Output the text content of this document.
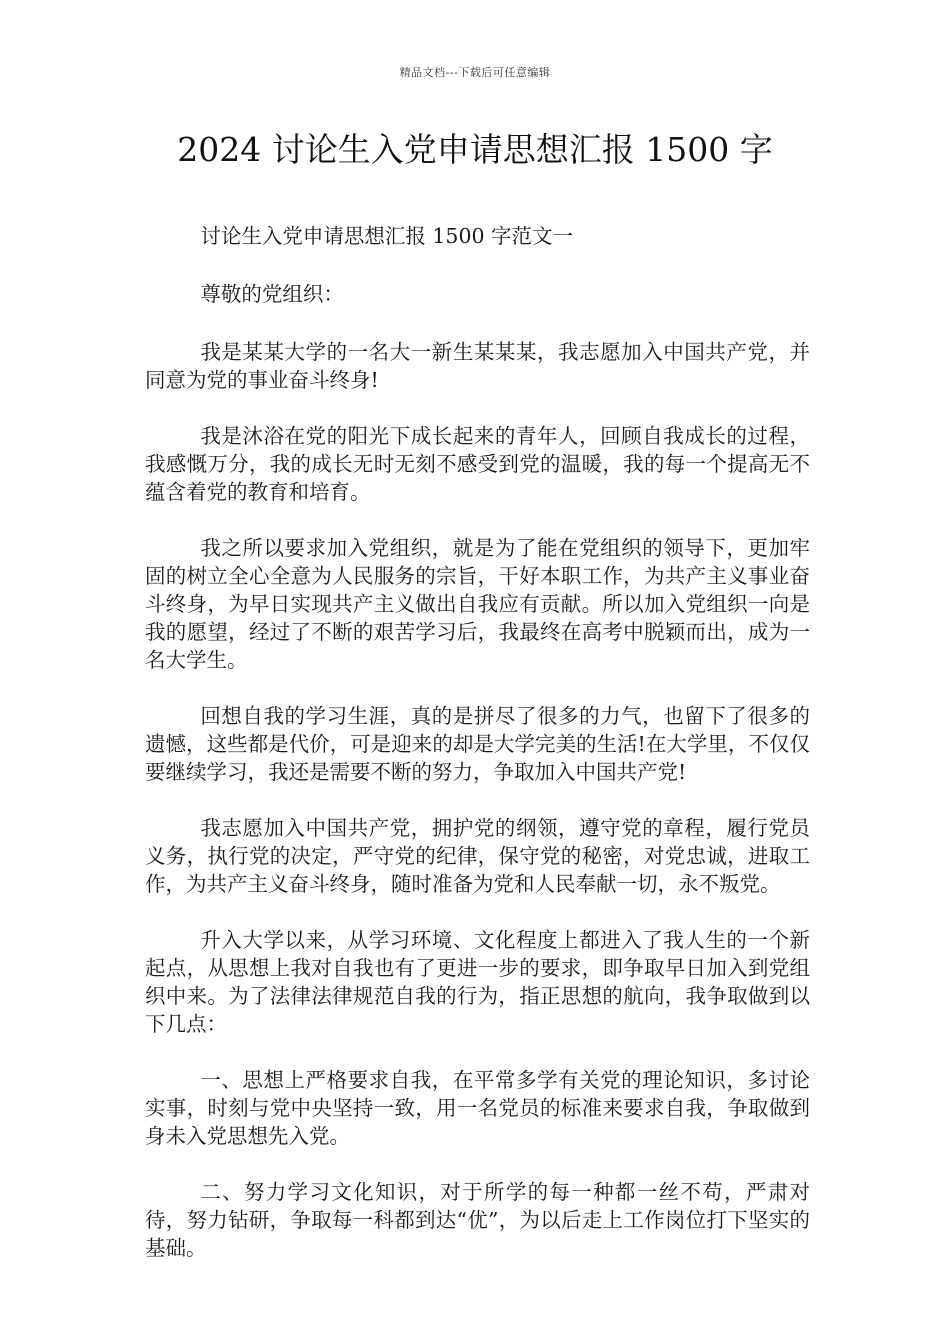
精品文档---下载后可任意编辑
2024 讨论生入党申请思想汇报 1500 字

讨论生入党申请思想汇报 1500 字范文一

尊敬的党组织：

我是某某大学的一名大一新生某某某，我志愿加入中国共产党，并同意为党的事业奋斗终身!

我是沐浴在党的阳光下成长起来的青年人，回顾自我成长的过程，我感慨万分，我的成长无时无刻不感受到党的温暖，我的每一个提高无不蕴含着党的教育和培育。

我之所以要求加入党组织，就是为了能在党组织的领导下，更加牢固的树立全心全意为人民服务的宗旨，干好本职工作，为共产主义事业奋斗终身，为早日实现共产主义做出自我应有贡献。所以加入党组织一向是我的愿望，经过了不断的艰苦学习后，我最终在高考中脱颖而出，成为一名大学生。

回想自我的学习生涯，真的是拼尽了很多的力气，也留下了很多的遗憾，这些都是代价，可是迎来的却是大学完美的生活!在大学里，不仅仅要继续学习，我还是需要不断的努力，争取加入中国共产党!

我志愿加入中国共产党，拥护党的纲领，遵守党的章程，履行党员义务，执行党的决定，严守党的纪律，保守党的秘密，对党忠诚，进取工作，为共产主义奋斗终身，随时准备为党和人民奉献一切，永不叛党。

升入大学以来，从学习环境、文化程度上都进入了我人生的一个新起点，从思想上我对自我也有了更进一步的要求，即争取早日加入到党组织中来。为了法律法律规范自我的行为，指正思想的航向，我争取做到以下几点：

一、思想上严格要求自我，在平常多学有关党的理论知识，多讨论实事，时刻与党中央坚持一致，用一名党员的标准来要求自我，争取做到身未入党思想先入党。

二、努力学习文化知识，对于所学的每一种都一丝不苟，严肃对待，努力钻研，争取每一科都到达“优”，为以后走上工作岗位打下坚实的基础。
